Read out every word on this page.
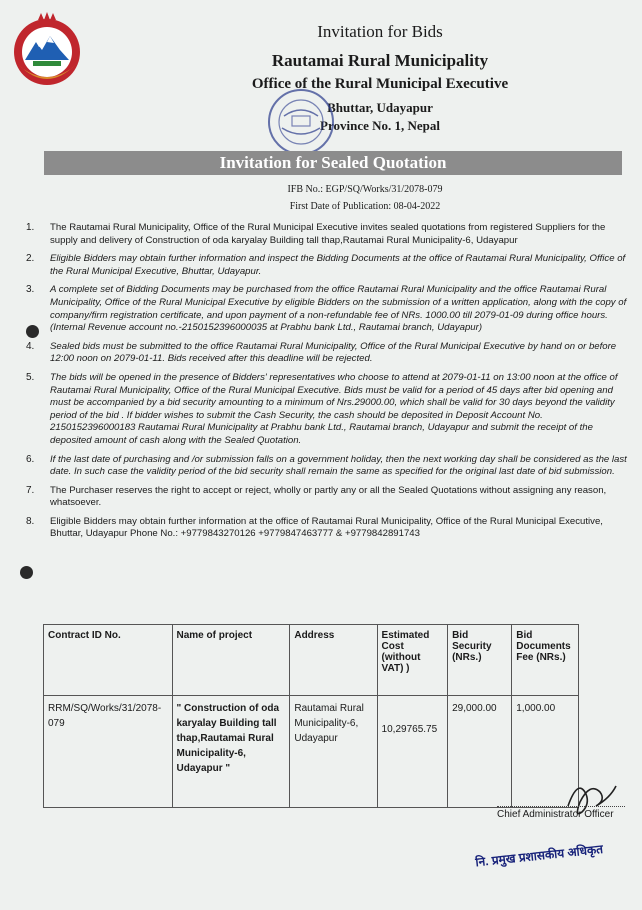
Invitation for Bids
Rautamai Rural Municipality
Office of the Rural Municipal Executive
Bhuttar, Udayapur
Province No. 1, Nepal
Invitation for Sealed Quotation
IFB No.: EGP/SQ/Works/31/2078-079
First Date of Publication: 08-04-2022
1.	The Rautamai Rural Municipality, Office of the Rural Municipal Executive invites sealed quotations from registered Suppliers for the supply and delivery of Construction of oda karyalay Building tall thap,Rautamai Rural Municipality-6, Udayapur
2.	Eligible Bidders may obtain further information and inspect the Bidding Documents at the office of Rautamai Rural Municipality, Office of the Rural Municipal Executive, Bhuttar, Udayapur.
3.	A complete set of Bidding Documents may be purchased from the office Rautamai Rural Municipality and the office Rautamai Rural Municipality, Office of the Rural Municipal Executive by eligible Bidders on the submission of a written application, along with the copy of company/firm registration certificate, and upon payment of a non-refundable fee of NRs. 1000.00 till 2079-01-09 during office hours. (Internal Revenue account no.-2150152396000035 at Prabhu bank Ltd., Rautamai branch, Udayapur)
4.	Sealed bids must be submitted to the office Rautamai Rural Municipality, Office of the Rural Municipal Executive by hand on or before 12:00 noon on 2079-01-11. Bids received after this deadline will be rejected.
5.	The bids will be opened in the presence of Bidders' representatives who choose to attend at 2079-01-11 on 13:00 noon at the office of Rautamai Rural Municipality, Office of the Rural Municipal Executive. Bids must be valid for a period of 45 days after bid opening and must be accompanied by a bid security amounting to a minimum of Nrs.29000.00, which shall be valid for 30 days beyond the validity period of the bid . If bidder wishes to submit the Cash Security, the cash should be deposited in Deposit Account No. 2150152396000183 Rautamai Rural Municipality at Prabhu bank Ltd., Rautamai branch, Udayapur and submit the receipt of the deposited amount of cash along with the Sealed Quotation.
6.	If the last date of purchasing and /or submission falls on a government holiday, then the next working day shall be considered as the last date. In such case the validity period of the bid security shall remain the same as specified for the original last date of bid submission.
7.	The Purchaser reserves the right to accept or reject, wholly or partly any or all the Sealed Quotations without assigning any reason, whatsoever.
8.	Eligible Bidders may obtain further information at the office of Rautamai Rural Municipality, Office of the Rural Municipal Executive, Bhuttar, Udayapur Phone No.: +9779843270126 +9779847463777 & +9779842891743
Contract ID No.	Name of project	Address	Estimated Cost (without VAT) )	Bid Security (NRs.)	Bid Documents Fee (NRs.)
RRM/SQ/Works/31/2078-079	" Construction of oda karyalay Building tall thap,Rautamai Rural Municipality-6, Udayapur "	Rautamai Rural Municipality-6, Udayapur	10,29765.75	29,000.00	1,000.00
Chief Administrator Officer
नि. प्रमुख प्रशासकीय अधिकृत
